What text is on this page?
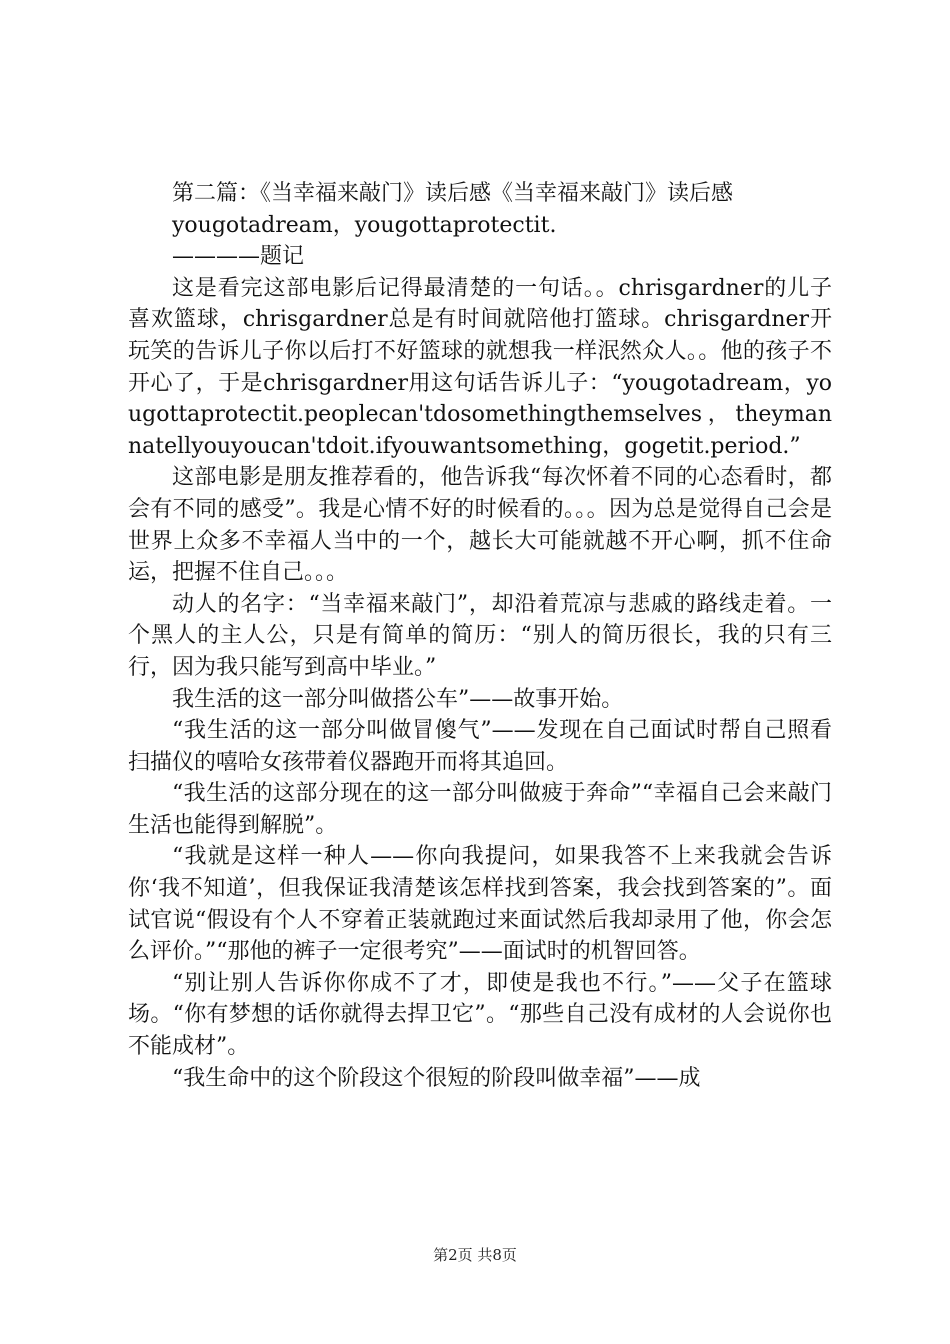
第二篇：《当幸福来敲门》读后感《当幸福来敲门》读后感

yougotadream，yougottaprotectit.

————题记

这是看完这部电影后记得最清楚的一句话。。chrisgardner的儿子喜欢篮球，chrisgardner总是有时间就陪他打篮球。chrisgardner开玩笑的告诉儿子你以后打不好篮球的就想我一样泯然众人。。他的孩子不开心了，于是chrisgardner用这句话告诉儿子：“yougotadream，yougottaprotectit.peoplecan'tdosomethingthemselves，theymannatellyouyoucan'tdoit.ifyouwantsomething，gogetit.period.”

这部电影是朋友推荐看的，他告诉我“每次怀着不同的心态看时，都会有不同的感受”。我是心情不好的时候看的。。。因为总是觉得自己会是世界上众多不幸福人当中的一个，越长大可能就越不开心啊，抓不住命运，把握不住自己。。。

动人的名字：“当幸福来敲门”，却沿着荒凉与悲戚的路线走着。一个黑人的主人公，只是有简单的简历：“别人的简历很长，我的只有三行，因为我只能写到高中毕业。”

我生活的这一部分叫做搭公车”——故事开始。

“我生活的这一部分叫做冒傻气”——发现在自己面试时帮自己照看扫描仪的嘻哈女孩带着仪器跑开而将其追回。

“我生活的这部分现在的这一部分叫做疲于奔命”“幸福自己会来敲门生活也能得到解脱”。

“我就是这样一种人——你向我提问，如果我答不上来我就会告诉你‘我不知道’，但我保证我清楚该怎样找到答案，我会找到答案的”。面试官说“假设有个人不穿着正装就跑过来面试然后我却录用了他，你会怎么评价。”“那他的裤子一定很考究”——面试时的机智回答。

“别让别人告诉你你成不了才，即使是我也不行。”——父子在篮球场。“你有梦想的话你就得去捍卫它”。“那些自己没有成材的人会说你也不能成材”。

“我生命中的这个阶段这个很短的阶段叫做幸福”——成

第2页 共8页
